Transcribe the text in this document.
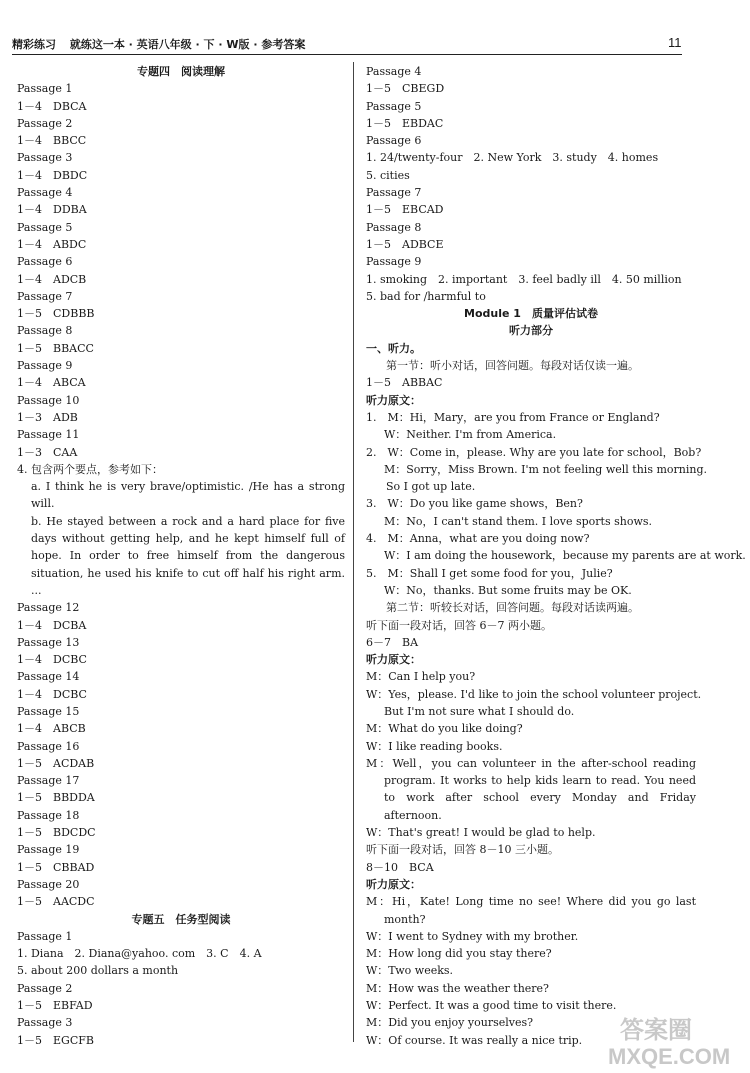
精彩练习 就练这一本 · 英语八年级 · 下 · W版 · 参考答案	11
专题四　阅读理解
Passage 1
1－4　DBCA
Passage 2
1－4　BBCC
Passage 3
1－4　DBDC
Passage 4
1－4　DDBA
Passage 5
1－4　ABDC
Passage 6
1－4　ADCB
Passage 7
1－5　CDBBB
Passage 8
1－5　BBACC
Passage 9
1－4　ABCA
Passage 10
1－3　ADB
Passage 11
1－3　CAA
4. 包含两个要点，参考如下：
a. I think he is very brave/optimistic. /He has a strong will.
b. He stayed between a rock and a hard place for five days without getting help, and he kept himself full of hope. In order to free himself from the dangerous situation, he used his knife to cut off half his right arm. ...
Passage 12
1－4　DCBA
Passage 13
1－4　DCBC
Passage 14
1－4　DCBC
Passage 15
1－4　ABCB
Passage 16
1－5　ACDAB
Passage 17
1－5　BBDDA
Passage 18
1－5　BDCDC
Passage 19
1－5　CBBAD
Passage 20
1－5　AACDC
专题五　任务型阅读
Passage 1
1. Diana　2. Diana@yahoo. com　3. C　4. A
5. about 200 dollars a month
Passage 2
1－5　EBFAD
Passage 3
1－5　EGCFB
Passage 4
1－5　CBEGD
Passage 5
1－5　EBDAC
Passage 6
1. 24/twenty-four　2. New York　3. study　4. homes
5. cities
Passage 7
1－5　EBCAD
Passage 8
1－5　ADBCE
Passage 9
1. smoking　2. important　3. feel badly ill　4. 50 million
5. bad for /harmful to
Module 1　质量评估试卷
听力部分
一、听力。
第一节：听小对话，回答问题。每段对话仅读一遍。
1－5　ABBAC
听力原文：
1.　M：Hi，Mary，are you from France or England?
W：Neither. I'm from America.
2.　W：Come in，please. Why are you late for school，Bob?
M：Sorry，Miss Brown. I'm not feeling well this morning.
So I got up late.
3.　W：Do you like game shows，Ben?
M：No，I can't stand them. I love sports shows.
4.　M：Anna，what are you doing now?
W：I am doing the housework，because my parents are at work.
5.　M：Shall I get some food for you，Julie?
W：No，thanks. But some fruits may be OK.
第二节：听较长对话，回答问题。每段对话读两遍。
听下面一段对话，回答 6－7 两小题。
6－7　BA
听力原文：
M：Can I help you?
W：Yes，please. I'd like to join the school volunteer project.
But I'm not sure what I should do.
M：What do you like doing?
W：I like reading books.
M：Well，you can volunteer in the after-school reading program. It works to help kids learn to read. You need to work after school every Monday and Friday afternoon.
W：That's great! I would be glad to help.
听下面一段对话，回答 8－10 三小题。
8－10　BCA
听力原文：
M：Hi，Kate! Long time no see! Where did you go last month?
W：I went to Sydney with my brother.
M：How long did you stay there?
W：Two weeks.
M：How was the weather there?
W：Perfect. It was a good time to visit there.
M：Did you enjoy yourselves?
W：Of course. It was really a nice trip.	答案圈
MXQE.COM
